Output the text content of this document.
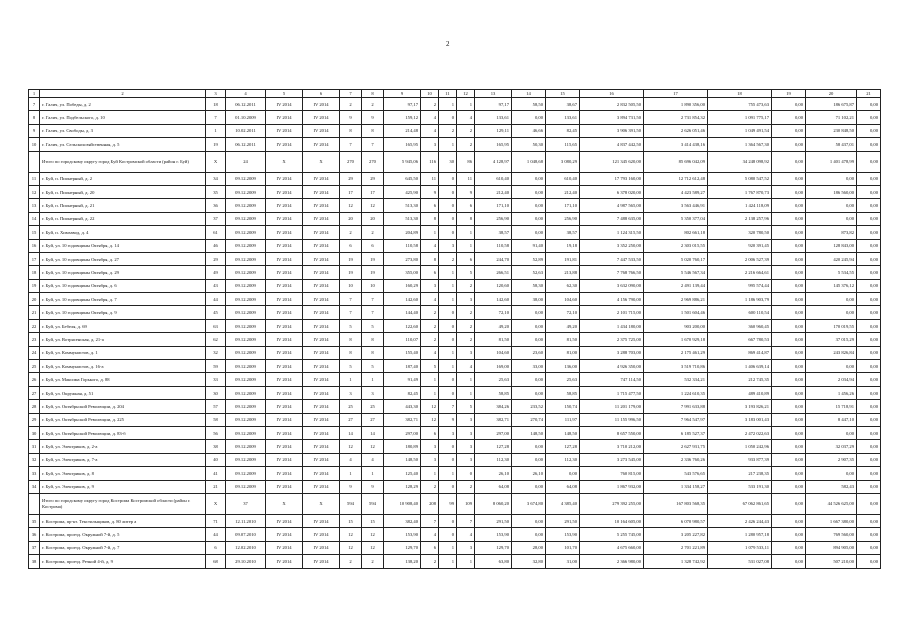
2
1	2	3	4	5	6	7	8	9	10	11	12	13	14	15	16	17	18	19	20	21
7	г. Галич, ул. Победы, д. 2	18	06.12.2011	IV 2014	IV 2014	2	2	97,17	2	1	1	97,17	58,50	38,67	2 832 505,50	1 890 356,00	755 473,63	0,00	186 675,87	0,00
8	г. Галич, ул. Подбельского, д. 10	7	01.10.2009	IV 2014	IV 2014	9	9	159,12	4	0	4	133,61	0,00	133,61	3 894 731,50	2 731 854,32	1 091 775,17	0,00	71 102,21	0,00
9	г. Галич, ул. Свободы, д. 3	1	10.02.2011	IV 2014	IV 2014	8	8	214,48	4	2	2	129,11	46,66	82,45	3 906 391,50	2 626 051,46	1 049 491,54	0,00	230 848,50	0,00
10	г. Галич, ул. Сельскохозяйственная, д. 5	19	06.12.2011	IV 2014	IV 2014	7	7	165,95	3	1	2	165,95	50,30	115,65	4 837 442,50	3 414 438,16	1 364 567,30	0,00	58 437,01	0,00
	Итого по городскому округу город Буй Костромской области (район г. Буй)	X	24	X	X	270	270	5 945,06	116	30	86	4 128,97	1 048,68	3 080,29	121 345 620,00	85 696 042,09	34 248 098,92	0,00	1 401 478,99	0,00
11	г. Буй, п. Пионерный, д. 2	34	09.12.2009	IV 2014	IV 2014	29	29	645,50	11	0	11	610,40	0,00	610,40	17 793 160,00	12 712 612,48	5 080 547,52	0,00	0,00	0,00
12	г. Буй, п. Пионерный, д. 20	35	09.12.2009	IV 2014	IV 2014	17	17	425,90	9	0	9	212,40	0,00	212,40	6 378 020,00	4 423 589,27	1 767 870,73	0,00	186 560,00	0,00
13	г. Буй, п. Пионерный, д. 21	36	09.12.2009	IV 2014	IV 2014	12	12	513,30	6	0	6	171,10	0,00	171,10	4 987 565,00	3 563 446,91	1 424 118,09	0,00	0,00	0,00
14	г. Буй, п. Пионерный, д. 22	37	09.12.2009	IV 2014	IV 2014	20	20	513,30	8	0	8	256,90	0,00	256,90	7 488 635,00	5 350 377,04	2 138 257,96	0,00	0,00	0,00
15	г. Буй, п. Химзавод, д. 4	61	09.12.2009	IV 2014	IV 2014	2	2	204,89	1	0	1	38,57	0,00	38,57	1 124 315,50	802 661,18	320 780,50	0,00	873,82	0,00
16	г. Буй, ул. 10 годовщины Октября, д. 14	46	09.12.2009	IV 2014	IV 2014	6	6	110,58	4	3	1	110,58	91,40	19,18	3 352 250,00	2 303 015,55	920 391,45	0,00	128 843,00	0,00
17	г. Буй, ул. 10 годовщины Октября, д. 27	29	09.12.2009	IV 2014	IV 2014	19	19	273,80	8	2	6	244,70	52,89	191,81	7 447 533,50	5 020 760,17	2 006 527,39	0,00	420 245,94	0,00
18	г. Буй, ул. 10 годовщины Октября, д. 29	49	09.12.2009	IV 2014	IV 2014	19	19	355,00	6	1	5	266,51	52,63	213,88	7 768 766,50	5 546 567,34	2 216 664,61	0,00	5 534,55	0,00
19	г. Буй, ул. 10 годовщины Октября, д. 6	43	09.12.2009	IV 2014	IV 2014	10	10	160,29	3	1	2	120,60	58,30	62,30	3 632 090,00	2 491 139,44	995 574,44	0,00	145 376,12	0,00
20	г. Буй, ул. 10 годовщины Октября, д. 7	44	09.12.2009	IV 2014	IV 2014	7	7	142,60	4	1	3	142,60	38,00	104,60	4 156 790,00	2 969 886,21	1 186 903,79	0,00	0,00	0,00
21	г. Буй, ул. 10 годовщины Октября, д. 9	45	09.12.2009	IV 2014	IV 2014	7	7	144,40	2	0	2	72,10	0,00	72,10	2 101 715,00	1 501 604,46	600 110,54	0,00	0,00	0,00
22	г. Буй, ул. Бебеля, д. 69	63	09.12.2009	IV 2014	IV 2014	5	5	122,60	2	0	2	49,20	0,00	49,20	1 434 180,00	903 200,00	360 960,45	0,00	170 019,55	0,00
23	г. Буй, ул. Вотрясенская, д. 21-а	62	09.12.2009	IV 2014	IV 2014	8	8	110,07	2	0	2	81,50	0,00	81,50	2 375 725,00	1 670 929,18	667 780,53	0,00	37 015,29	0,00
24	г. Буй, ул. Коммунистов, д. 1	32	09.12.2009	IV 2014	IV 2014	8	8	155,40	4	1	3	104,60	23,60	81,00	3 288 703,00	2 175 461,29	869 414,87	0,00	243 826,84	0,00
25	г. Буй, ул. Коммунистов, д. 16-а	59	09.12.2009	IV 2014	IV 2014	5	5	187,40	5	1	4	169,00	33,00	136,00	4 926 350,00	3 519 710,86	1 406 639,14	0,00	0,00	0,00
26	г. Буй, ул. Максима Горького, д. 88	33	09.12.2009	IV 2014	IV 2014	1	1	91,49	1	0	1	25,63	0,00	25,63	747 114,50	532 334,21	212 745,35	0,00	2 034,94	0,00
27	г. Буй, ул. Окружная, д. 51	30	09.12.2009	IV 2014	IV 2014	3	3	82,45	1	0	1	58,85	0,00	58,85	1 715 477,50	1 224 610,35	489 410,89	0,00	1 456,26	0,00
28	г. Буй, ул. Октябрьской Революции, д. 204	57	09.12.2009	IV 2014	IV 2014	25	25	443,30	12	7	5	384,26	233,52	150,74	11 201 179,00	7 991 633,88	3 193 826,21	0,00	15 718,91	0,00
29	г. Буй, ул. Октябрьской Революции, д. 225	58	09.12.2009	IV 2014	IV 2014	27	27	382,71	12	9	3	382,71	270,74	111,97	11 155 996,50	7 964 547,97	3 183 001,43	0,00	8 447,10	0,00
30	г. Буй, ул. Октябрьской Революции, д. 83-б	56	09.12.2009	IV 2014	IV 2014	14	14	297,00	6	3	3	297,00	148,50	148,50	8 657 550,00	6 185 527,37	2 472 022,63	0,00	0,00	0,00
31	г. Буй, ул. Электриков, д. 2-а	38	09.12.2009	IV 2014	IV 2014	12	12	180,89	3	0	3	127,28	0,00	127,28	3 710 212,00	2 627 931,75	1 050 242,96	0,00	32 037,29	0,00
32	г. Буй, ул. Электриков, д. 7-а	40	09.12.2009	IV 2014	IV 2014	4	4	148,50	3	0	3	112,30	0,00	112,30	3 273 545,00	2 336 760,26	933 877,39	0,00	2 907,35	0,00
33	г. Буй, ул. Электриков, д. 8	41	09.12.2009	IV 2014	IV 2014	1	1	125,40	1	1	0	26,10	26,10	0,00	760 815,00	543 576,65	217 238,35	0,00	0,00	0,00
34	г. Буй, ул. Электриков, д. 9	21	09.12.2009	IV 2014	IV 2014	9	9	128,29	2	0	2	64,08	0,00	64,08	1 867 932,00	1 334 158,27	533 191,30	0,00	582,43	0,00
	Итого по городскому округу город Кострома Костромской области (район г. Кострома)	X	37	X	X	594	594	10 908,40	208	99	109	8 060,20	3 674,80	4 385,40	279 392 255,00	167 803 568,35	67 062 861,65	0,00	44 526 625,00	0,00
35	г. Кострома, пр-кт. Текстильщиков, д. 80 литер а	71	12.11.2010	IV 2014	IV 2014	15	15	382,40	7	0	7	291,50	0,00	291,50	10 164 605,00	6 070 980,57	2 426 244,43	0,00	1 667 380,00	0,00
36	г. Кострома, проезд. Окружной 7-й, д. 5	44	09.07.2010	IV 2014	IV 2014	12	12	153,90	4	0	4	153,90	0,00	153,90	5 255 745,00	3 205 227,82	1 280 957,18	0,00	769 560,00	0,00
37	г. Кострома, проезд. Окружной 7-й, д. 7	6	12.02.2010	IV 2014	IV 2014	12	12	129,70	6	1	3	129,70	28,00	101,70	4 675 660,00	2 701 221,89	1 079 533,11	0,00	894 905,00	0,00
38	г. Кострома, проезд. Речной 4-й, д. 9	68	29.10.2010	IV 2014	IV 2014	2	2	138,20	2	1	1	63,80	32,80	31,00	2 366 980,00	1 328 742,92	531 027,08	0,00	507 210,00	0,00
